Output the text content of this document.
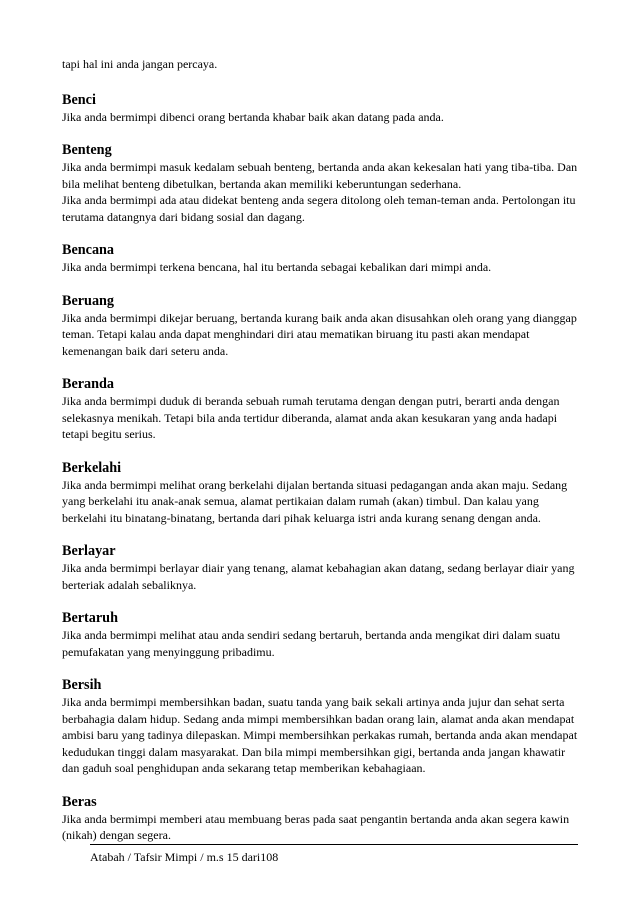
tapi hal ini anda jangan percaya.

Benci

Jika anda bermimpi dibenci orang bertanda khabar baik akan datang pada anda.

Benteng

Jika anda bermimpi masuk kedalam sebuah benteng, bertanda anda akan kekesalan hati yang tiba-tiba. Dan bila melihat benteng dibetulkan, bertanda akan memiliki keberuntungan sederhana.

Jika anda bermimpi ada atau didekat benteng anda segera ditolong oleh teman-teman anda. Pertolongan itu terutama datangnya dari bidang sosial dan dagang.

Bencana

Jika anda bermimpi terkena bencana, hal itu bertanda sebagai kebalikan dari mimpi anda.

Beruang

Jika anda bermimpi dikejar beruang, bertanda kurang baik anda akan disusahkan oleh orang yang dianggap teman. Tetapi kalau anda dapat menghindari diri atau mematikan biruang itu pasti akan mendapat kemenangan baik dari seteru anda.

Beranda

Jika anda bermimpi duduk di beranda sebuah rumah terutama dengan dengan putri, berarti anda dengan selekasnya menikah. Tetapi bila anda tertidur diberanda, alamat anda akan kesukaran yang anda hadapi tetapi begitu serius.

Berkelahi

Jika anda bermimpi melihat orang berkelahi dijalan bertanda situasi pedagangan anda akan maju. Sedang yang berkelahi itu anak-anak semua, alamat pertikaian dalam rumah (akan) timbul. Dan kalau yang berkelahi itu binatang-binatang, bertanda dari pihak keluarga istri anda kurang senang dengan anda.

Berlayar

Jika anda bermimpi berlayar diair yang tenang, alamat kebahagian akan datang, sedang berlayar diair yang berteriak adalah sebaliknya.

Bertaruh

Jika anda bermimpi melihat atau anda sendiri sedang bertaruh, bertanda anda mengikat diri dalam suatu pemufakatan yang menyinggung pribadimu.

Bersih

Jika anda bermimpi membersihkan badan, suatu tanda yang baik sekali artinya anda jujur dan sehat serta berbahagia dalam hidup. Sedang anda mimpi membersihkan badan orang lain, alamat anda akan mendapat ambisi baru yang tadinya dilepaskan. Mimpi membersihkan perkakas rumah, bertanda anda akan mendapat kedudukan tinggi dalam masyarakat. Dan bila mimpi membersihkan gigi, bertanda anda jangan khawatir dan gaduh soal penghidupan anda sekarang tetap memberikan kebahagiaan.

Beras

Jika anda bermimpi memberi atau membuang beras pada saat pengantin bertanda anda akan segera kawin (nikah) dengan segera.

Atabah / Tafsir Mimpi / m.s 15 dari108
